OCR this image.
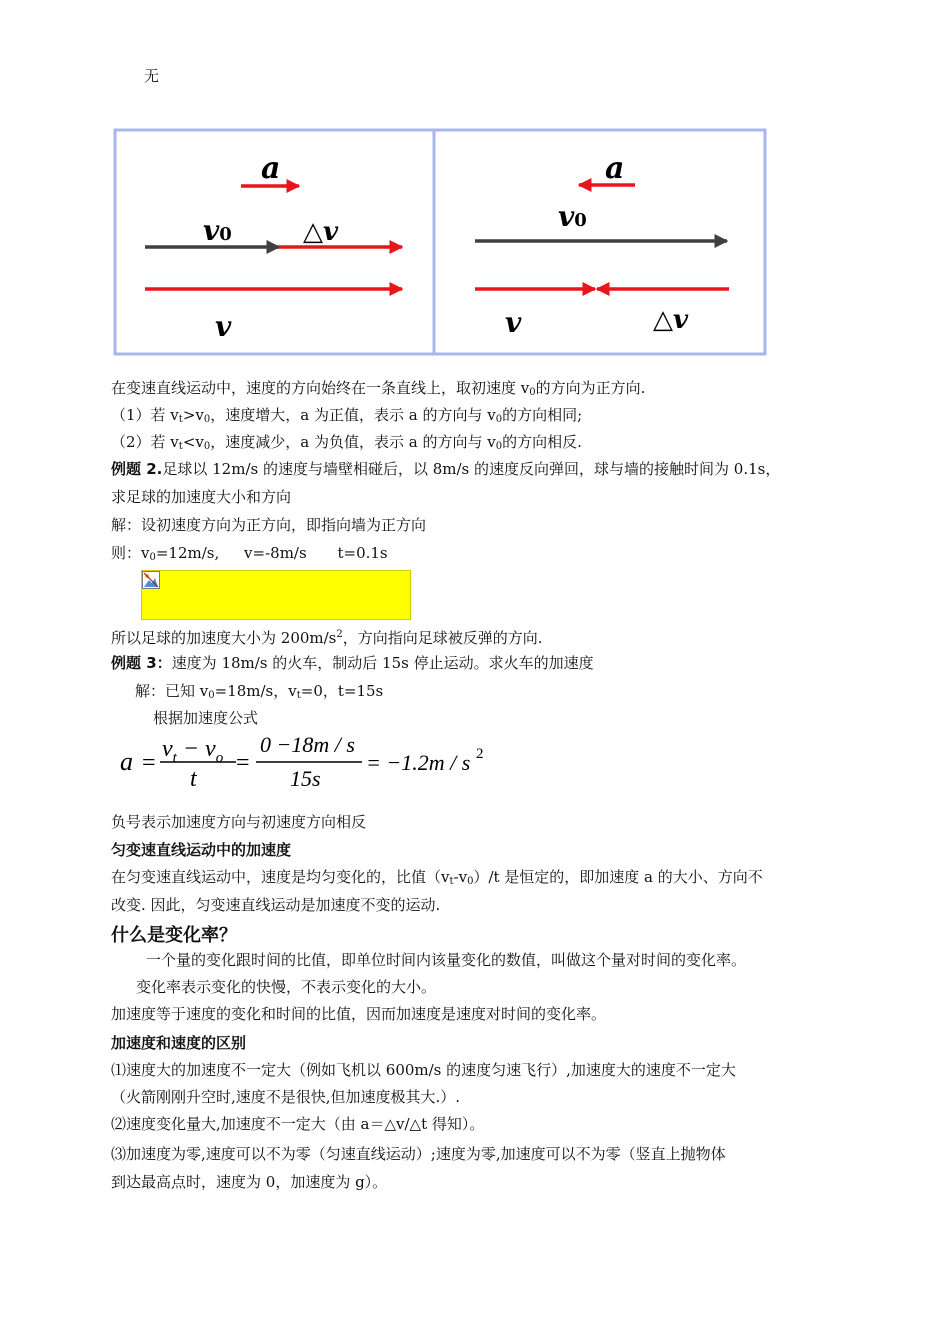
无
a
v0	△v
v
a
v0
v	△v
在变速直线运动中，速度的方向始终在一条直线上，取初速度 $v_0$的方向为正方向.
（1）若 $v_t>v_0$，速度增大，a 为正值，表示 a 的方向与 $v_0$的方向相同;
（2）若 $v_t<v_0$，速度减少，a 为负值，表示 a 的方向与 $v_0$的方向相反.
例题 2.足球以 12m/s 的速度与墙壁相碰后，以 8m/s 的速度反向弹回，球与墙的接触时间为 0.1s，
求足球的加速度大小和方向
解：设初速度方向为正方向，即指向墙为正方向
则：$v_0=12m/s$, v=-8m/s t=0.1s
所以足球的加速度大小为 $200m/s^2$，方向指向足球被反弹的方向.
例题 3：速度为 18m/s 的火车，制动后 15s 停止运动。求火车的加速度
解：已知 $v_0=18m/s$，$v_t=0$，t=15s
根据加速度公式
a =
$v_t - v_o$
t
=
0 −18m / s
15s
= −1.2m / s 2
负号表示加速度方向与初速度方向相反
匀变速直线运动中的加速度
在匀变速直线运动中，速度是均匀变化的，比值$(v_t-v_0)/t$ 是恒定的，即加速度 a 的大小、方向不
改变. 因此，匀变速直线运动是加速度不变的运动.
什么是变化率？
一个量的变化跟时间的比值，即单位时间内该量变化的数值，叫做这个量对时间的变化率。
变化率表示变化的快慢，不表示变化的大小。
加速度等于速度的变化和时间的比值，因而加速度是速度对时间的变化率。
加速度和速度的区别
⑴速度大的加速度不一定大（例如飞机以 600m/s 的速度匀速飞行）,加速度大的速度不一定大
（火箭刚刚升空时,速度不是很快,但加速度极其大.）.
⑵速度变化量大,加速度不一定大（由 a＝△v/△t 得知）。
⑶加速度为零,速度可以不为零（匀速直线运动）;速度为零,加速度可以不为零（竖直上抛物体
到达最高点时，速度为 0，加速度为 g）。
